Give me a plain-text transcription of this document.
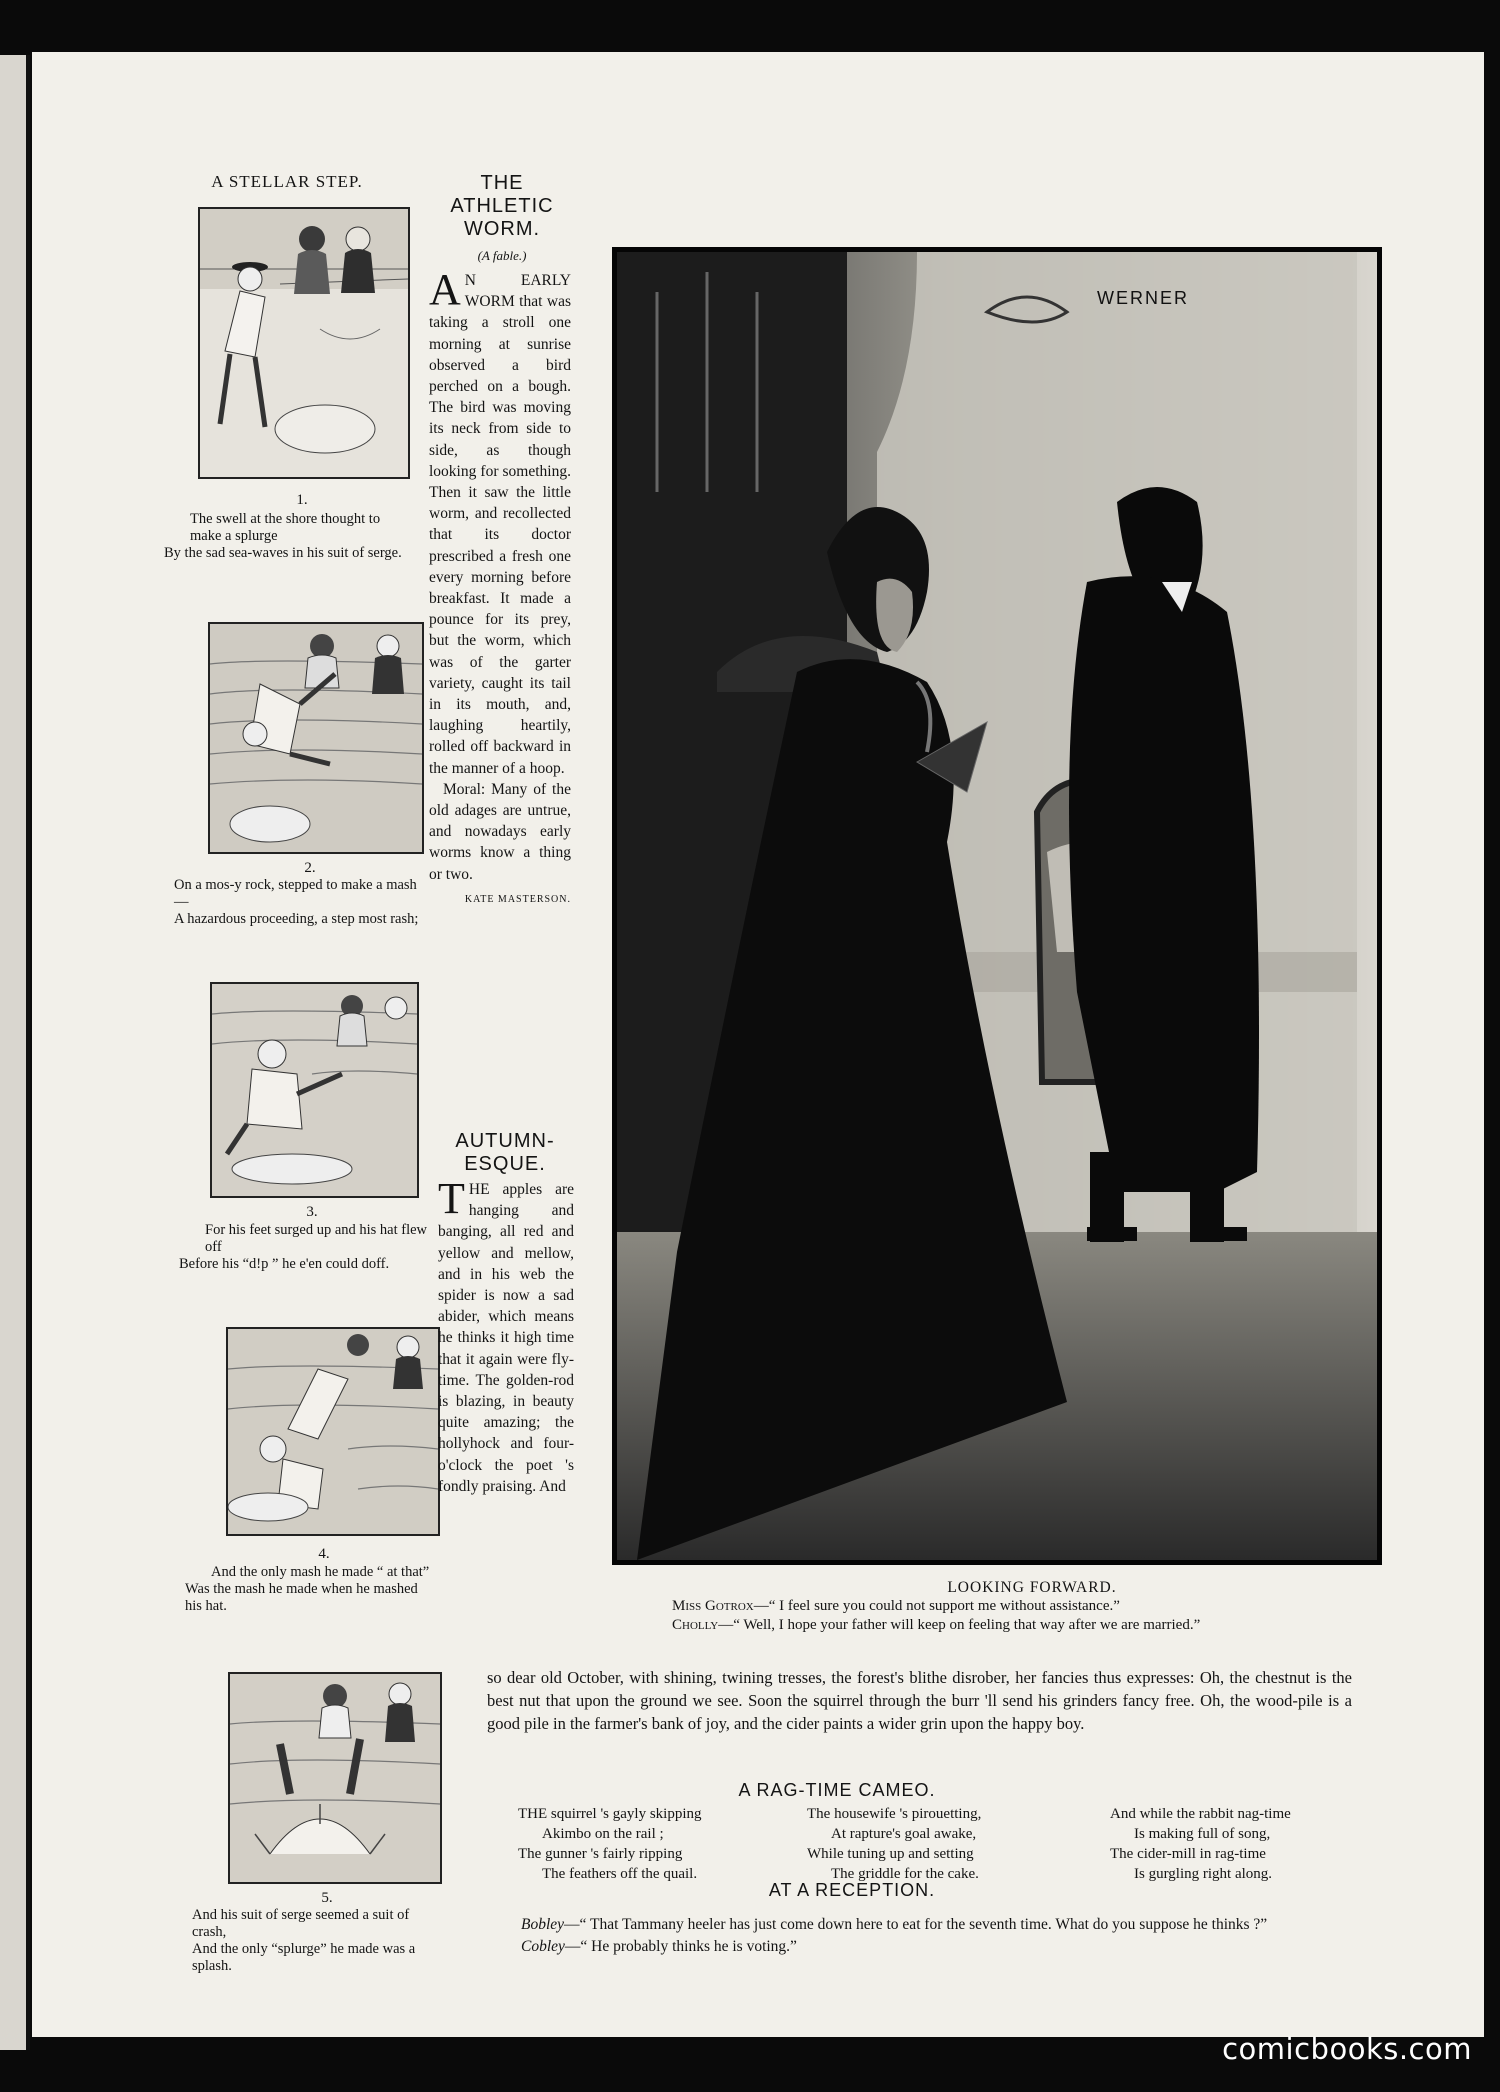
A STELLAR STEP.
1.

The swell at the shore thought to make a splurge

By the sad sea-waves in his suit of serge.

2.

On a mos-y rock, stepped to make a mash—

A hazardous proceeding, a step most rash;

3.

For his feet surged up and his hat flew off

Before his “d!p ” he e'en could doff.

4.

And the only mash he made “ at that”

Was the mash he made when he mashed his hat.

5.

And his suit of serge seemed a suit of crash,

And the only “splurge” he made was a splash.

THE ATHLETIC WORM.
(A fable.)

A N EARLY WORM that was taking a stroll one morning at sunrise observed a bird perched on a bough. The bird was moving its neck from side to side, as though looking for something. Then it saw the little worm, and recollected that its doctor prescribed a fresh one every morning before breakfast. It made a pounce for its prey, but the worm, which was of the garter variety, caught its tail in its mouth, and, laughing heartily, rolled off backward in the manner of a hoop.

Moral: Many of the old adages are untrue, and nowadays early worms know a thing or two.

KATE MASTERSON.
AUTUMN-ESQUE.

THE apples are hanging and banging, all red and yellow and mellow, and in his web the spider is now a sad abider, which means he thinks it high time that it again were fly-time. The golden-rod is blazing, in beauty quite amazing; the hollyhock and four-o'clock the poet 's fondly praising. And

WERNER
LOOKING FORWARD.
Miss Gotrox—“ I feel sure you could not support me without assistance.”
Cholly—“ Well, I hope your father will keep on feeling that way after we are married.”

so dear old October, with shining, twining tresses, the forest's blithe disrober, her fancies thus expresses: Oh, the chestnut is the best nut that upon the ground we see. Soon the squirrel through the burr 'll send his grinders fancy free. Oh, the wood-pile is a good pile in the farmer's bank of joy, and the cider paints a wider grin upon the happy boy.

A RAG-TIME CAMEO.

THE squirrel 's gayly skipping

Akimbo on the rail ;

The gunner 's fairly ripping

The feathers off the quail.

The housewife 's pirouetting,

At rapture's goal awake,

While tuning up and setting

The griddle for the cake.

And while the rabbit nag-time

Is making full of song,

The cider-mill in rag-time

Is gurgling right along.

AT A RECEPTION.

Bobley—“ That Tammany heeler has just come down here to eat for the seventh time. What do you suppose he thinks ?”

Cobley—“ He probably thinks he is voting.”

comicbooks.com
